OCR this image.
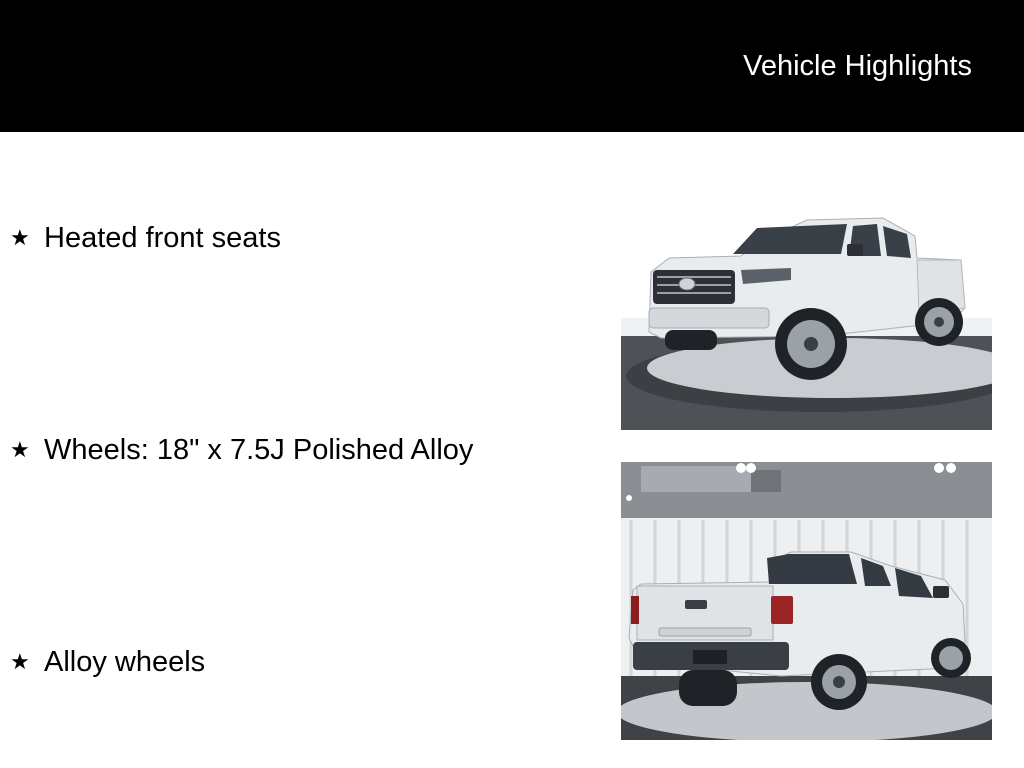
Vehicle Highlights
★ Heated front seats
★ Wheels: 18" x 7.5J Polished Alloy
★ Alloy wheels
